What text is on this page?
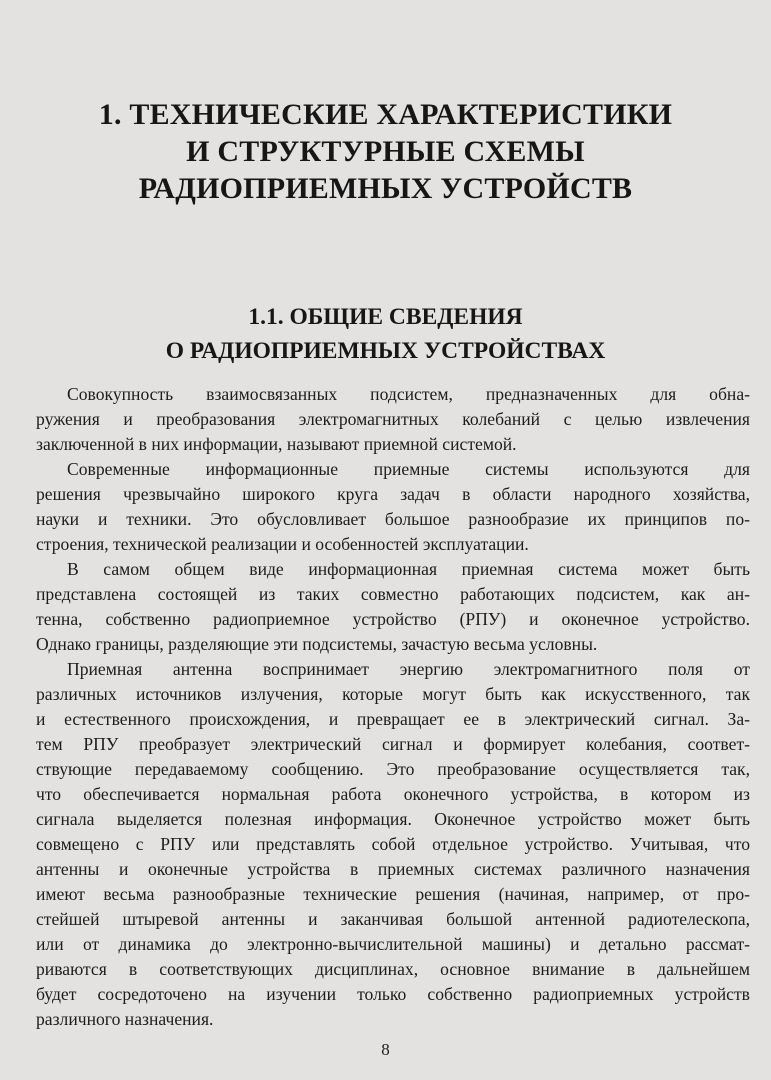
1. ТЕХНИЧЕСКИЕ ХАРАКТЕРИСТИКИ
И СТРУКТУРНЫЕ СХЕМЫ
РАДИОПРИЕМНЫХ УСТРОЙСТВ
1.1. ОБЩИЕ СВЕДЕНИЯ
О РАДИОПРИЕМНЫХ УСТРОЙСТВАХ
Совокупность взаимосвязанных подсистем, предназначенных для обна-
ружения и преобразования электромагнитных колебаний с целью извлечения
заключенной в них информации, называют приемной системой.
Современные информационные приемные системы используются для
решения чрезвычайно широкого круга задач в области народного хозяйства,
науки и техники. Это обусловливает большое разнообразие их принципов по-
строения, технической реализации и особенностей эксплуатации.
В самом общем виде информационная приемная система может быть
представлена состоящей из таких совместно работающих подсистем, как ан-
тенна, собственно радиоприемное устройство (РПУ) и оконечное устройство.
Однако границы, разделяющие эти подсистемы, зачастую весьма условны.
Приемная антенна воспринимает энергию электромагнитного поля от
различных источников излучения, которые могут быть как искусственного, так
и естественного происхождения, и превращает ее в электрический сигнал. За-
тем РПУ преобразует электрический сигнал и формирует колебания, соответ-
ствующие передаваемому сообщению. Это преобразование осуществляется так,
что обеспечивается нормальная работа оконечного устройства, в котором из
сигнала выделяется полезная информация. Оконечное устройство может быть
совмещено с РПУ или представлять собой отдельное устройство. Учитывая, что
антенны и оконечные устройства в приемных системах различного назначения
имеют весьма разнообразные технические решения (начиная, например, от про-
стейшей штыревой антенны и заканчивая большой антенной радиотелескопа,
или от динамика до электронно-вычислительной машины) и детально рассмат-
риваются в соответствующих дисциплинах, основное внимание в дальнейшем
будет сосредоточено на изучении только собственно радиоприемных устройств
различного назначения.
8
